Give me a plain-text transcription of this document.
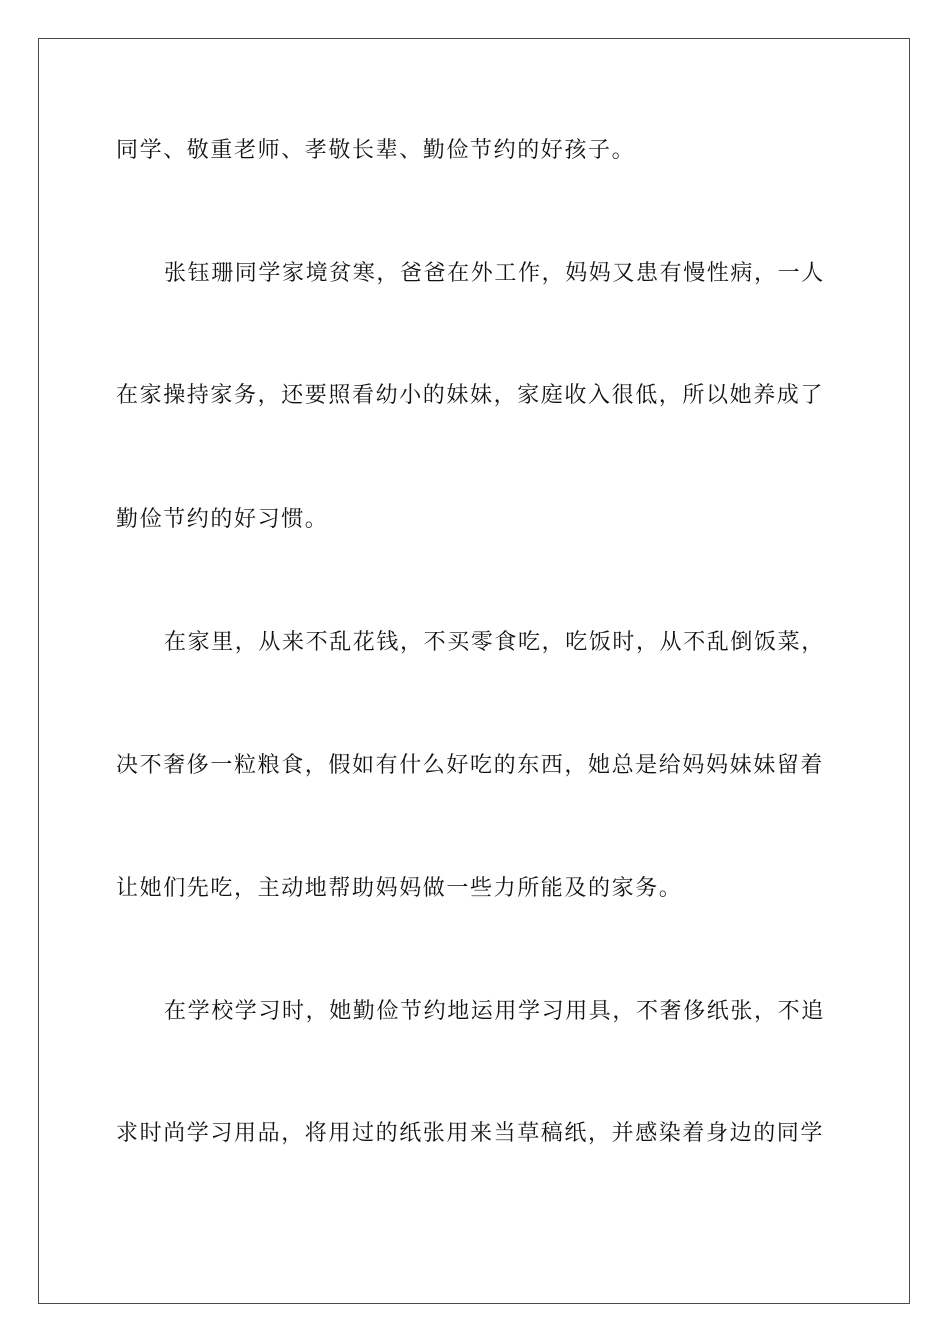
同学、敬重老师、孝敬长辈、勤俭节约的好孩子。
张钰珊同学家境贫寒，爸爸在外工作，妈妈又患有慢性病，一人
在家操持家务，还要照看幼小的妹妹，家庭收入很低，所以她养成了
勤俭节约的好习惯。
在家里，从来不乱花钱，不买零食吃，吃饭时，从不乱倒饭菜，
决不奢侈一粒粮食，假如有什么好吃的东西，她总是给妈妈妹妹留着
让她们先吃，主动地帮助妈妈做一些力所能及的家务。
在学校学习时，她勤俭节约地运用学习用具，不奢侈纸张，不追
求时尚学习用品，将用过的纸张用来当草稿纸，并感染着身边的同学
